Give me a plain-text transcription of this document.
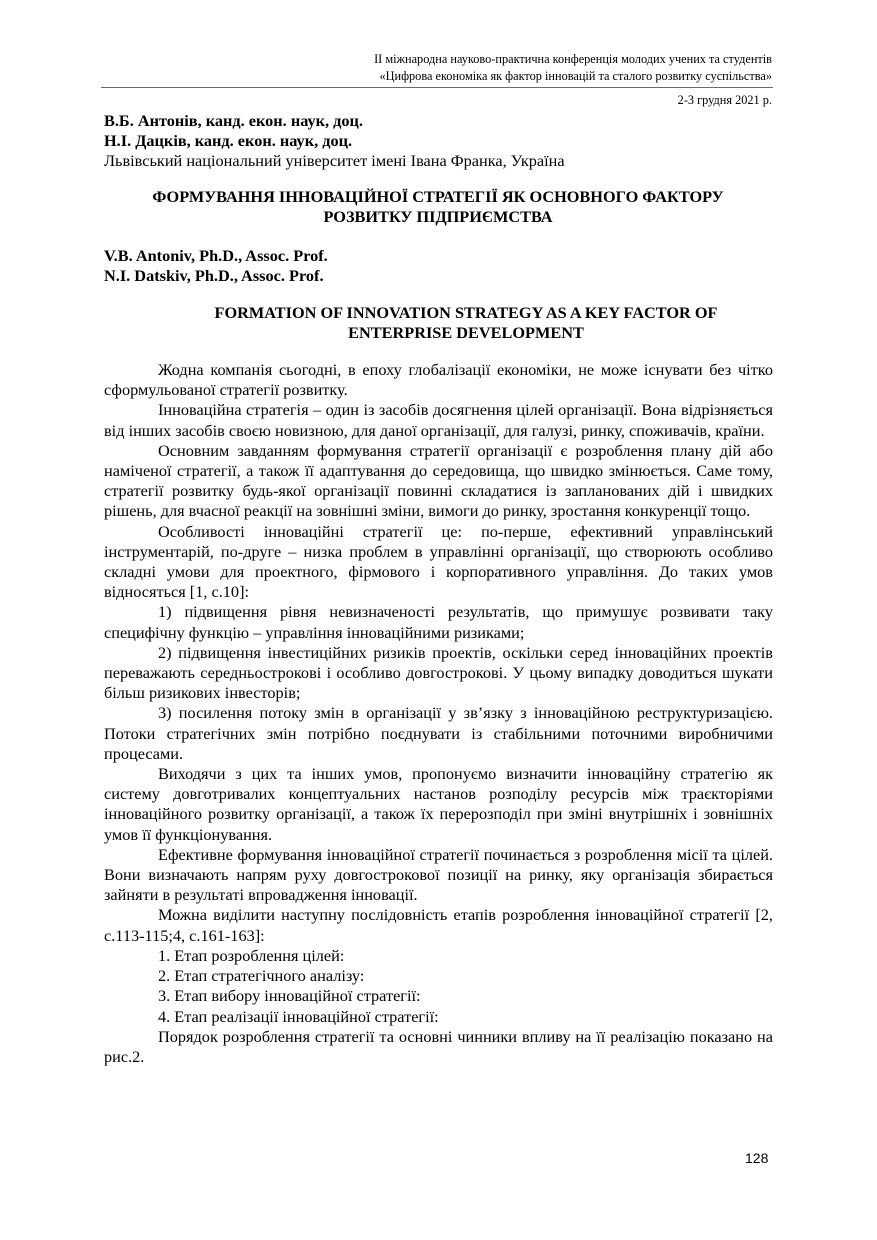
ІІ міжнародна науково-практична конференція молодих учених та студентів
«Цифрова економіка як фактор інновацій та сталого розвитку суспільства»
2-3 грудня 2021 р.
В.Б. Антонів, канд. екон. наук, доц.
Н.І. Дацків, канд. екон. наук, доц.
Львівський національний університет імені Івана Франка, Україна
ФОРМУВАННЯ ІННОВАЦІЙНОЇ СТРАТЕГІЇ ЯК ОСНОВНОГО ФАКТОРУ
РОЗВИТКУ ПІДПРИЄМСТВА
V.B. Antoniv, Ph.D., Assoc. Prof.
N.I. Datskiv, Ph.D., Assoc. Prof.
FORMATION OF INNOVATION STRATEGY AS A KEY FACTOR OF
ENTERPRISE DEVELOPMENT

Жодна компанія сьогодні, в епоху глобалізації економіки, не може існувати без чітко сформульованої стратегії розвитку.

Інноваційна стратегія – один із засобів досягнення цілей організації. Вона відрізняється від інших засобів своєю новизною, для даної організації, для галузі, ринку, споживачів, країни.

Основним завданням формування стратегії організації є розроблення плану дій або наміченої стратегії, а також її адаптування до середовища, що швидко змінюється. Саме тому, стратегії розвитку будь-якої організації повинні складатися із запланованих дій і швидких рішень, для вчасної реакції на зовнішні зміни, вимоги до ринку, зростання конкуренції тощо.

Особливості інноваційні стратегії це: по-перше, ефективний управлінський інструментарій, по-друге – низка проблем в управлінні організації, що створюють особливо складні умови для проектного, фірмового і корпоративного управління. До таких умов відносяться [1, с.10]:

1) підвищення рівня невизначеності результатів, що примушує розвивати таку специфічну функцію – управління інноваційними ризиками;

2) підвищення інвестиційних ризиків проектів, оскільки серед інноваційних проектів переважають середньострокові і особливо довгострокові. У цьому випадку доводиться шукати більш ризикових інвесторів;

3) посилення потоку змін в організації у зв’язку з інноваційною реструктуризацією. Потоки стратегічних змін потрібно поєднувати із стабільними поточними виробничими процесами.

Виходячи з цих та інших умов, пропонуємо визначити інноваційну стратегію як систему довготривалих концептуальних настанов розподілу ресурсів між траєкторіями інноваційного розвитку організації, а також їх перерозподіл при зміні внутрішніх і зовнішніх умов її функціонування.

Ефективне формування інноваційної стратегії починається з розроблення місії та цілей. Вони визначають напрям руху довгострокової позиції на ринку, яку організація збирається зайняти в результаті впровадження інновації.

Можна виділити наступну послідовність етапів розроблення інноваційної стратегії [2, с.113-115;4, с.161-163]:

1. Етап розроблення цілей:

2. Етап стратегічного аналізу:

3. Етап вибору інноваційної стратегії:

4. Етап реалізації інноваційної стратегії:

Порядок розроблення стратегії та основні чинники впливу на її реалізацію показано на рис.2.

128
